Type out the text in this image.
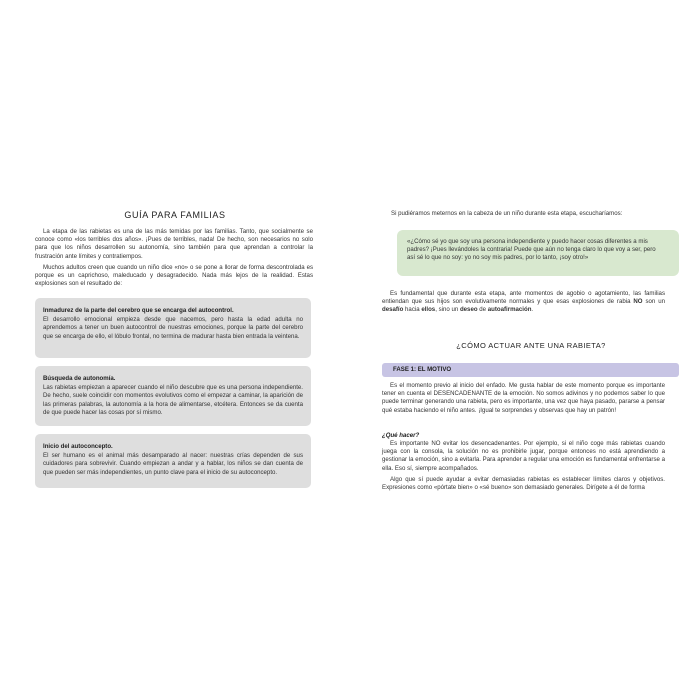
GUÍA PARA FAMILIAS

La etapa de las rabietas es una de las más temidas por las familias. Tanto, que socialmente se conoce como «los terribles dos años». ¡Pues de terribles, nada! De hecho, son necesarios no solo para que los niños desarrollen su autonomía, sino también para que aprendan a controlar la frustración ante límites y contratiempos.

Muchos adultos creen que cuando un niño dice «no» o se pone a llorar de forma descontrolada es porque es un caprichoso, maleducado y desagradecido. Nada más lejos de la realidad. Estas explosiones son el resultado de:

Inmadurez de la parte del cerebro que se encarga del autocontrol.

El desarrollo emocional empieza desde que nacemos, pero hasta la edad adulta no aprendemos a tener un buen autocontrol de nuestras emociones, porque la parte del cerebro que se encarga de ello, el lóbulo frontal, no termina de madurar hasta bien entrada la veintena.

Búsqueda de autonomía.

Las rabietas empiezan a aparecer cuando el niño descubre que es una persona independiente. De hecho, suele coincidir con momentos evolutivos como el empezar a caminar, la aparición de las primeras palabras, la autonomía a la hora de alimentarse, etcétera. Entonces se da cuenta de que puede hacer las cosas por sí mismo.

Inicio del autoconcepto.

El ser humano es el animal más desamparado al nacer: nuestras crías dependen de sus cuidadores para sobrevivir. Cuando empiezan a andar y a hablar, los niños se dan cuenta de que pueden ser más independientes, un punto clave para el inicio de su autoconcepto.

Si pudiéramos meternos en la cabeza de un niño durante esta etapa, escucharíamos:

«¿Cómo sé yo que soy una persona independiente y puedo hacer cosas diferentes a mis padres? ¡Pues llevándoles la contraria! Puede que aún no tenga claro lo que voy a ser, pero así sé lo que no soy: yo no soy mis padres, por lo tanto, ¡soy otro!»

Es fundamental que durante esta etapa, ante momentos de agobio o agotamiento, las familias entiendan que sus hijos son evolutivamente normales y que esas explosiones de rabia NO son un desafío hacia ellos, sino un deseo de autoafirmación.

¿CÓMO ACTUAR ANTE UNA RABIETA?
FASE 1: EL MOTIVO

Es el momento previo al inicio del enfado. Me gusta hablar de este momento porque es importante tener en cuenta el DESENCADENANTE de la emoción. No somos adivinos y no podemos saber lo que puede terminar generando una rabieta, pero es importante, una vez que haya pasado, pararse a pensar qué estaba haciendo el niño antes. ¡Igual te sorprendes y observas que hay un patrón!

¿Qué hacer?

Es importante NO evitar los desencadenantes. Por ejemplo, si el niño coge más rabietas cuando juega con la consola, la solución no es prohibirle jugar, porque entonces no está aprendiendo a gestionar la emoción, sino a evitarla. Para aprender a regular una emoción es fundamental enfrentarse a ella. Eso sí, siempre acompañados.

Algo que sí puede ayudar a evitar demasiadas rabietas es establecer límites claros y objetivos. Expresiones como «pórtate bien» o «sé bueno» son demasiado generales. Dirígete a él de forma
